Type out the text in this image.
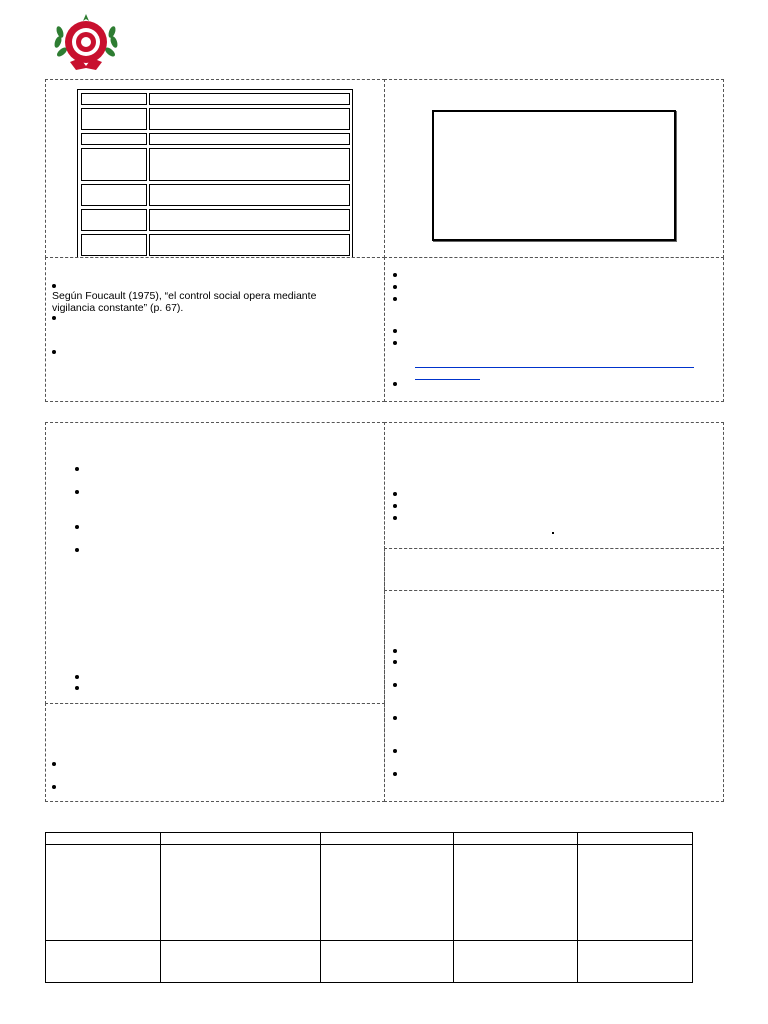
Según Foucault (1975), “el control social opera mediante vigilancia constante” (p. 67).
